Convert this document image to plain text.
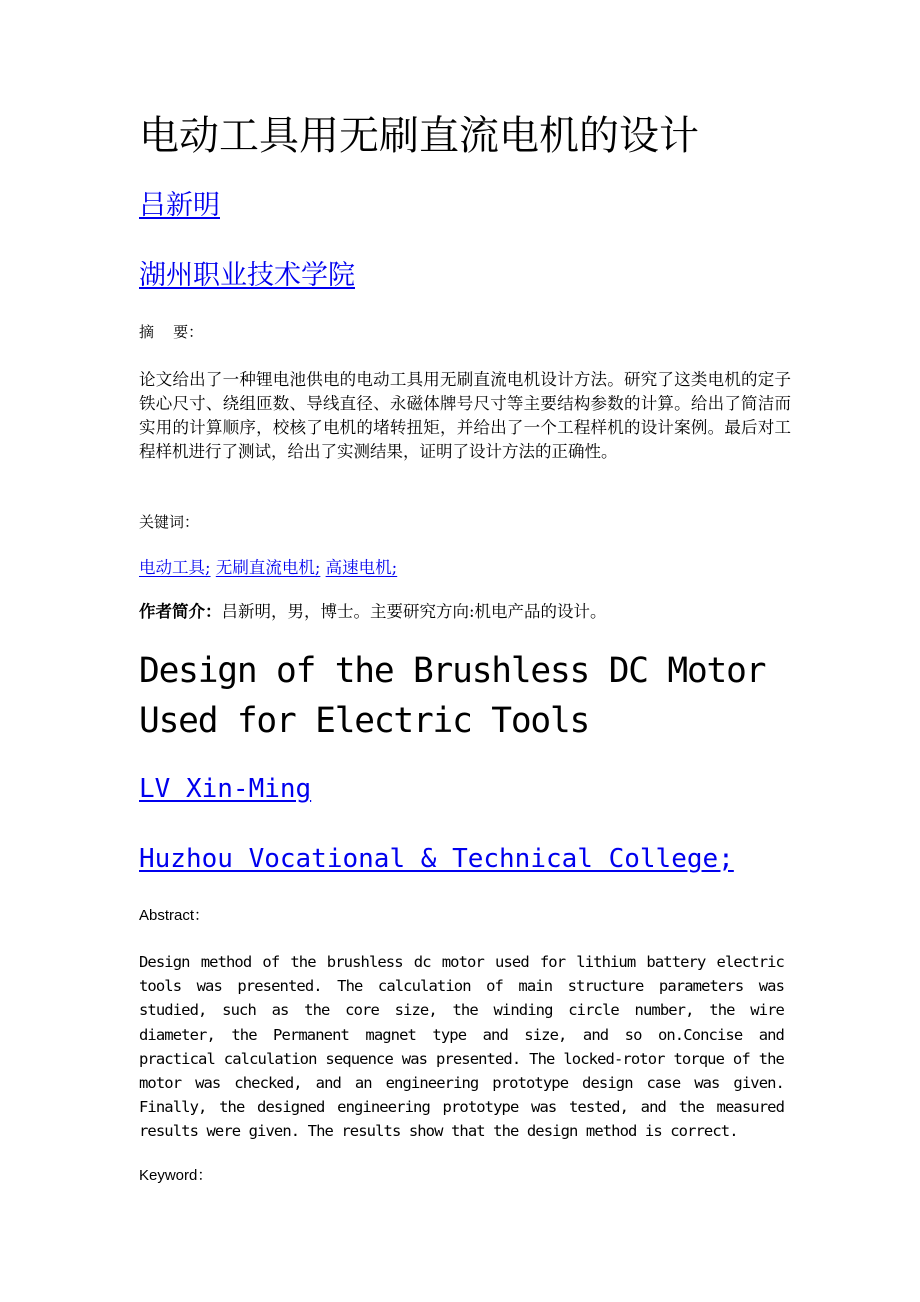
电动工具用无刷直流电机的设计
吕新明
湖州职业技术学院
摘    要：
论文给出了一种锂电池供电的电动工具用无刷直流电机设计方法。研究了这类电机的定子铁心尺寸、绕组匝数、导线直径、永磁体牌号尺寸等主要结构参数的计算。给出了简洁而实用的计算顺序，校核了电机的堵转扭矩，并给出了一个工程样机的设计案例。最后对工程样机进行了测试，给出了实测结果，证明了设计方法的正确性。
关键词：
电动工具; 无刷直流电机; 高速电机;
作者简介：吕新明，男，博士。主要研究方向:机电产品的设计。
Design of the Brushless DC Motor Used for Electric Tools
LV Xin-Ming
Huzhou Vocational & Technical College;
Abstract：
Design method of the brushless dc motor used for lithium battery electric tools was presented. The calculation of main structure parameters was studied, such as the core size, the winding circle number, the wire diameter, the Permanent magnet type and size, and so on.Concise and practical calculation sequence was presented. The locked-rotor torque of the motor was checked, and an engineering prototype design case was given. Finally, the designed engineering prototype was tested, and the measured results were given. The results show that the design method is correct.
Keyword：
